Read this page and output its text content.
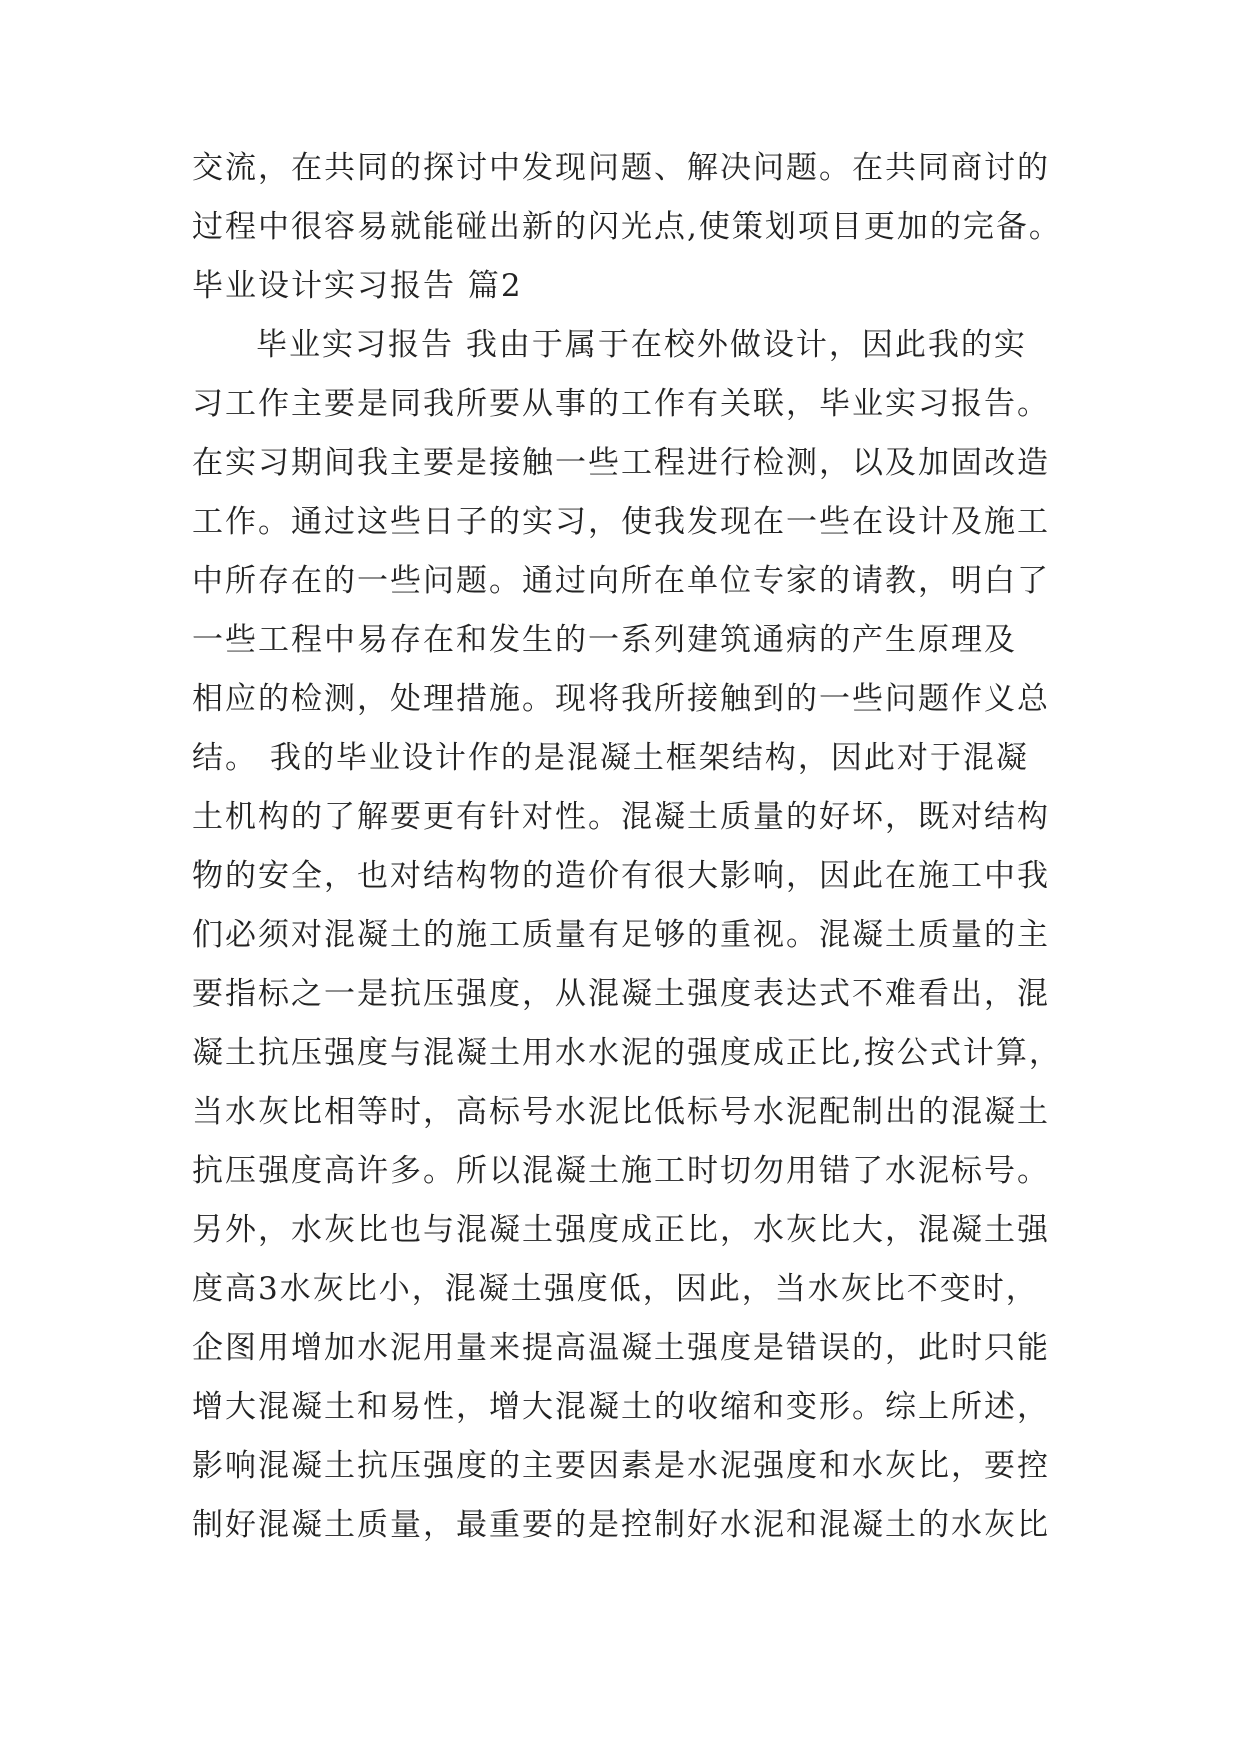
交流，在共同的探讨中发现问题、解决问题。在共同商讨的
过程中很容易就能碰出新的闪光点,使策划项目更加的完备。
毕业设计实习报告 篇2
毕业实习报告 我由于属于在校外做设计，因此我的实
习工作主要是同我所要从事的工作有关联，毕业实习报告。
在实习期间我主要是接触一些工程进行检测，以及加固改造
工作。通过这些日子的实习，使我发现在一些在设计及施工
中所存在的一些问题。通过向所在单位专家的请教，明白了
一些工程中易存在和发生的一系列建筑通病的产生原理及
相应的检测，处理措施。现将我所接触到的一些问题作义总
结。 我的毕业设计作的是混凝土框架结构，因此对于混凝
土机构的了解要更有针对性。混凝土质量的好坏，既对结构
物的安全，也对结构物的造价有很大影响，因此在施工中我
们必须对混凝土的施工质量有足够的重视。混凝土质量的主
要指标之一是抗压强度，从混凝土强度表达式不难看出，混
凝土抗压强度与混凝土用水水泥的强度成正比,按公式计算，
当水灰比相等时，高标号水泥比低标号水泥配制出的混凝土
抗压强度高许多。所以混凝土施工时切勿用错了水泥标号。
另外，水灰比也与混凝土强度成正比，水灰比大，混凝土强
度高3水灰比小，混凝土强度低，因此，当水灰比不变时，
企图用增加水泥用量来提高温凝土强度是错误的，此时只能
增大混凝土和易性，增大混凝土的收缩和变形。综上所述，
影响混凝土抗压强度的主要因素是水泥强度和水灰比，要控
制好混凝土质量，最重要的是控制好水泥和混凝土的水灰比
